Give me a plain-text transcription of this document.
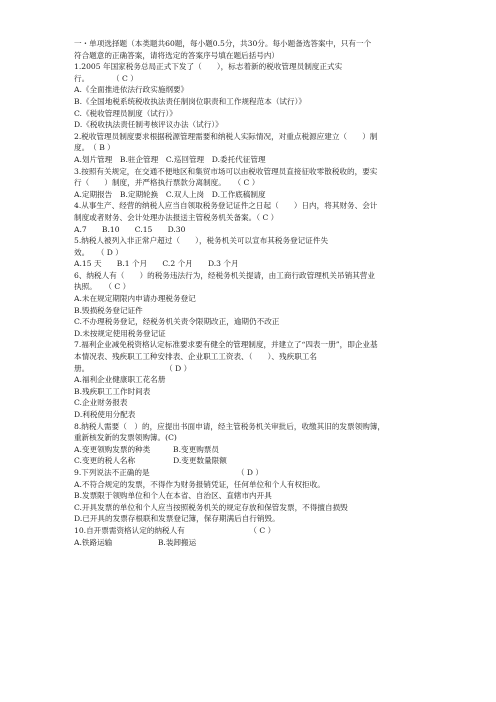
一・单项选择题（本类题共60题，每小题0.5分，共30分。每小题备选答案中，只有一个
符合题意的正确答案，请将选定的答案序号填在题后括号内）
1.2005 年国家税务总局正式下发了（　　），标志着新的税收管理员制度正式实
行。　　　　（ C ）
A.《全面推进依法行政实施纲要》
B.《全国地税系统税收执法责任制岗位职责和工作规程范本（试行）》
C.《税收管理员制度（试行）》
D.《税收执法责任制考核评议办法（试行）》
2.税收管理员制度要求根据税源管理需要和纳税人实际情况，对重点税源应建立（　　）制
度。　（ B ）
A.划片管理　B.驻企管理　C.巡回管理　D.委托代征管理
3.按照有关规定，在交通不便地区和集贸市场可以由税收管理员直接征收零散税收的，要实
行（　　）制度，并严格执行票款分离制度。　　（ C ）
A.定期报告　B.定期轮换　C.双人上岗　D.工作底稿制度
4.从事生产、经营的纳税人应当自领取税务登记证件之日起（　　）日内，将其财务、会计
制度或者财务、会计处理办法报送主管税务机关备案。（ C ）
A.7　　B.10　　C.15　　D.30
5.纳税人被列入非正常户超过（　　），税务机关可以宣布其税务登记证件失
效。　　（ D ）
A.15 天　　B.1 个月　　C.2 个月　　D.3 个月
6、纳税人有（　　）的税务违法行为，经税务机关提请，由工商行政管理机关吊销其营业
执照。　　（ C ）
A.未在规定期限内申请办理税务登记
B.毁损税务登记证件
C.不办理税务登记，经税务机关责令限期改正，逾期仍不改正
D.未按规定使用税务登记证
7.福利企业减免税资格认定标准要求要有健全的管理制度，并建立了“四表一册”，即企业基
本情况表、残疾职工工种安排表、企业职工工资表、（　　）、残疾职工名
册。　　　　　　　　　　　（ D ）
A.福利企业健康职工花名册
B.残疾职工工作时间表
C.企业财务报表
D.利税使用分配表
8.纳税人需要（　）的，应提出书面申请，经主管税务机关审批后，收缴其旧的发票领购簿，
重新核发新的发票领购簿。(C)
A.变更领购发票的种类　　　B.变更购票员
C.变更的税人名称　　　　　D.变更数量限额
9.下列说法不正确的是　　　　　　　　　　　　（ D ）
A.不符合规定的发票，不得作为财务报销凭证，任何单位和个人有权拒收。
B.发票限于领购单位和个人在本省、自治区、直辖市内开具
C.开具发票的单位和个人应当按照税务机关的规定存放和保管发票，不得擅自损毁
D.已开具的发票存根联和发票登记簿，保存期满后自行销毁。
10.自开票需资格认定的纳税人有　　　　　　　　　（ C ）
A.铁路运输　　　　　　B.装卸搬运
